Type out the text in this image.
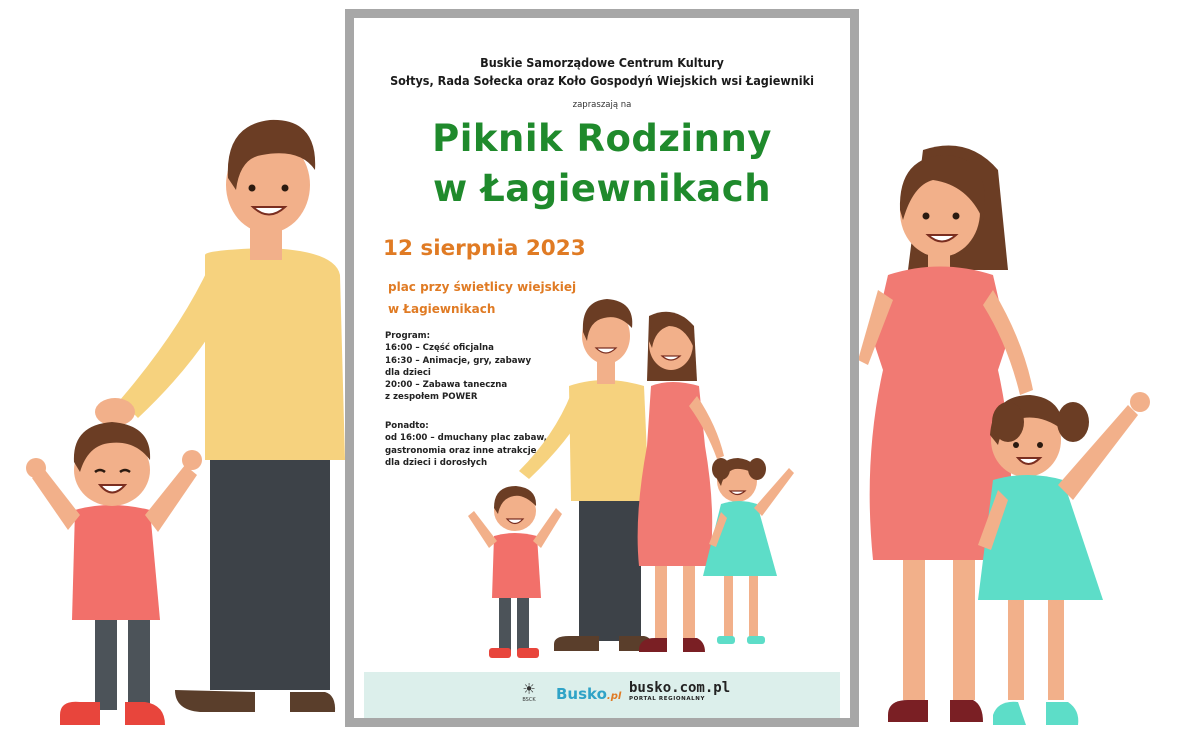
Buskie Samorządowe Centrum Kultury
Sołtys, Rada Sołecka oraz Koło Gospodyń Wiejskich wsi Łagiewniki
zapraszają na
Piknik Rodzinny
w Łagiewnikach
12 sierpnia 2023
plac przy świetlicy wiejskiej
w Łagiewnikach
Program:
16:00 – Część oficjalna
16:30 – Animacje, gry, zabawy
dla dzieci
20:00 – Zabawa taneczna
z zespołem POWER
Ponadto:
od 16:00 – dmuchany plac zabaw,
gastronomia oraz inne atrakcje
dla dzieci i dorosłych
☀
BSCK Busko.pl
busko.com.pl
PORTAL REGIONALNY
